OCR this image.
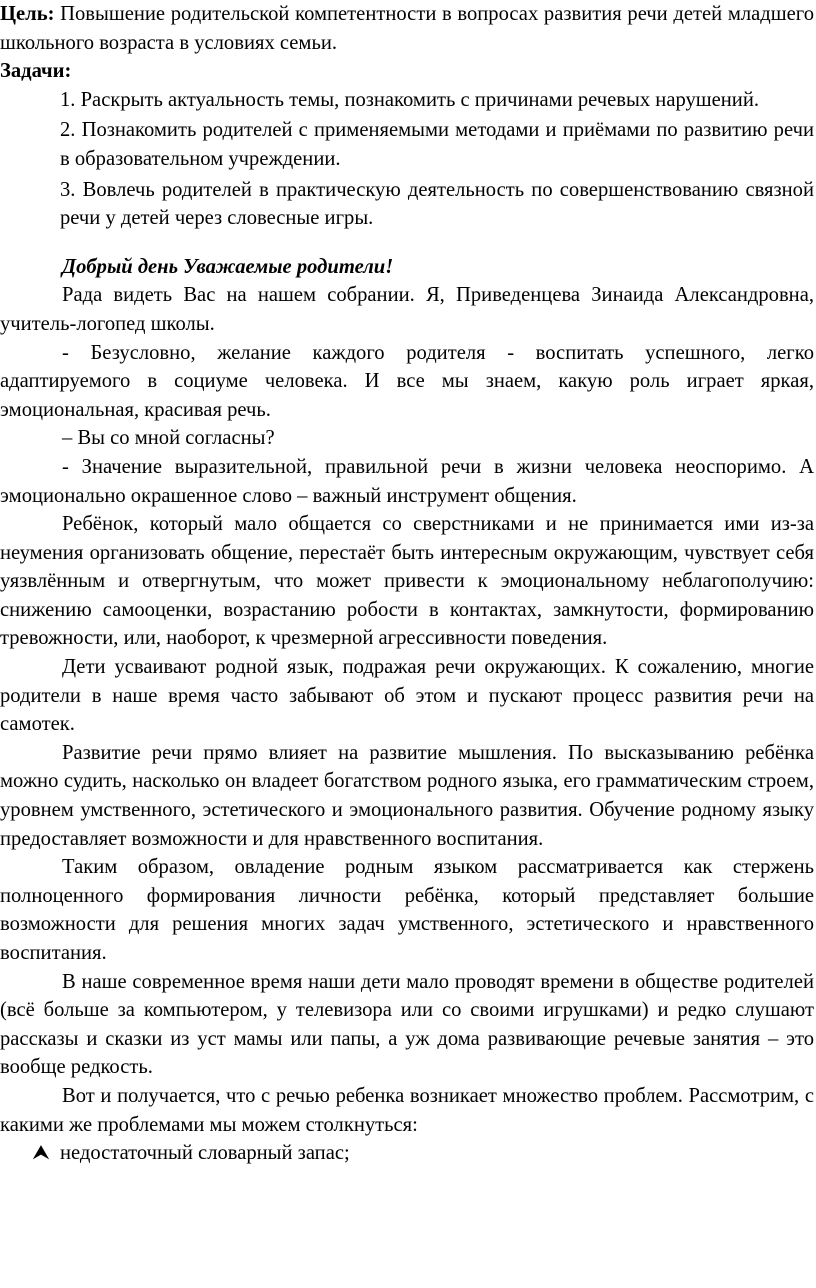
Цель: Повышение родительской компетентности в вопросах развития речи детей младшего школьного возраста в условиях семьи.

Задачи:

1. Раскрыть актуальность темы, познакомить с причинами речевых нарушений.
2. Познакомить родителей с применяемыми методами и приёмами по развитию речи в образовательном учреждении.
3. Вовлечь родителей в практическую деятельность по совершенствованию связной речи у детей через словесные игры.

Добрый день Уважаемые родители!

Рада видеть Вас на нашем собрании. Я, Приведенцева Зинаида Александровна, учитель-логопед школы.

- Безусловно, желание каждого родителя - воспитать успешного, легко адаптируемого в социуме человека. И все мы знаем, какую роль играет яркая, эмоциональная, красивая речь.

– Вы со мной согласны?

- Значение выразительной, правильной речи в жизни человека неоспоримо. А эмоционально окрашенное слово – важный инструмент общения.

Ребёнок, который мало общается со сверстниками и не принимается ими из-за неумения организовать общение, перестаёт быть интересным окружающим, чувствует себя уязвлённым и отвергнутым, что может привести к эмоциональному неблагополучию: снижению самооценки, возрастанию робости в контактах, замкнутости, формированию тревожности, или, наоборот, к чрезмерной агрессивности поведения.

Дети усваивают родной язык, подражая речи окружающих. К сожалению, многие родители в наше время часто забывают об этом и пускают процесс развития речи на самотек.

Развитие речи прямо влияет на развитие мышления. По высказыванию ребёнка можно судить, насколько он владеет богатством родного языка, его грамматическим строем, уровнем умственного, эстетического и эмоционального развития. Обучение родному языку предоставляет возможности и для нравственного воспитания.

Таким образом, овладение родным языком рассматривается как стержень полноценного формирования личности ребёнка, который представляет большие возможности для решения многих задач умственного, эстетического и нравственного воспитания.

В наше современное время наши дети мало проводят времени в обществе родителей (всё больше за компьютером, у телевизора или со своими игрушками) и редко слушают рассказы и сказки из уст мамы или папы, а уж дома развивающие речевые занятия – это вообще редкость.

Вот и получается, что с речью ребенка возникает множество проблем. Рассмотрим, с какими же проблемами мы можем столкнуться:

⮝ недостаточный словарный запас;
